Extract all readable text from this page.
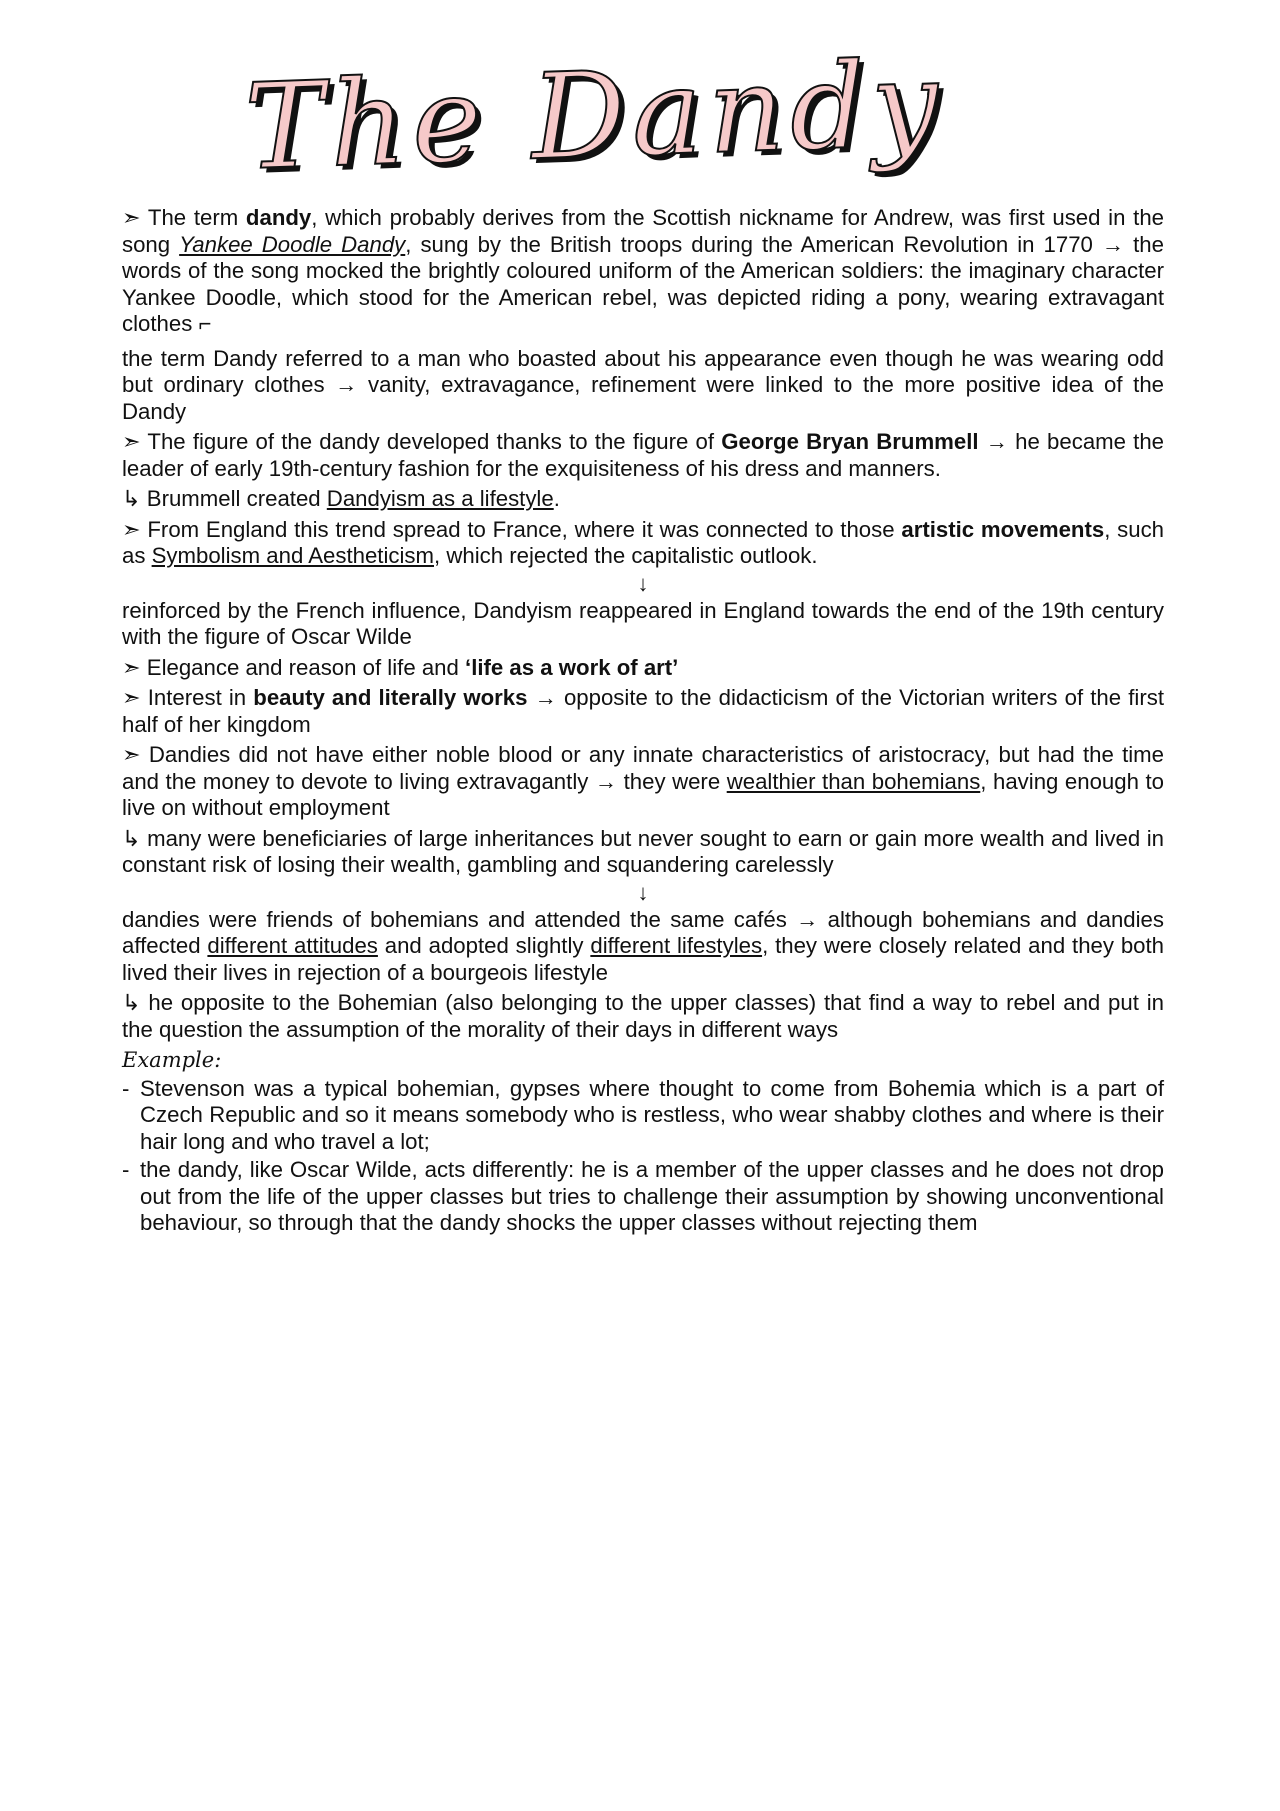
The Dandy

➣ The term dandy, which probably derives from the Scottish nickname for Andrew, was first used in the song Yankee Doodle Dandy, sung by the British troops during the American Revolution in 1770 → the words of the song mocked the brightly coloured uniform of the American soldiers: the imaginary character Yankee Doodle, which stood for the American rebel, was depicted riding a pony, wearing extravagant clothes ⌐

the term Dandy referred to a man who boasted about his appearance even though he was wearing odd but ordinary clothes → vanity, extravagance, refinement were linked to the more positive idea of the Dandy

➣ The figure of the dandy developed thanks to the figure of George Bryan Brummell → he became the leader of early 19th-century fashion for the exquisiteness of his dress and manners.

↳ Brummell created Dandyism as a lifestyle.

➣ From England this trend spread to France, where it was connected to those artistic movements, such as Symbolism and Aestheticism, which rejected the capitalistic outlook.

↓

reinforced by the French influence, Dandyism reappeared in England towards the end of the 19th century with the figure of Oscar Wilde

➣ Elegance and reason of life and ‘life as a work of art’

➣ Interest in beauty and literally works → opposite to the didacticism of the Victorian writers of the first half of her kingdom

➣ Dandies did not have either noble blood or any innate characteristics of aristocracy, but had the time and the money to devote to living extravagantly → they were wealthier than bohemians, having enough to live on without employment

↳ many were beneficiaries of large inheritances but never sought to earn or gain more wealth and lived in constant risk of losing their wealth, gambling and squandering carelessly

↓

dandies were friends of bohemians and attended the same cafés → although bohemians and dandies affected different attitudes and adopted slightly different lifestyles, they were closely related and they both lived their lives in rejection of a bourgeois lifestyle

↳ he opposite to the Bohemian (also belonging to the upper classes) that find a way to rebel and put in the question the assumption of the morality of their days in different ways

Example:
- Stevenson was a typical bohemian, gypses where thought to come from Bohemia which is a part of Czech Republic and so it means somebody who is restless, who wear shabby clothes and where is their hair long and who travel a lot;
- the dandy, like Oscar Wilde, acts differently: he is a member of the upper classes and he does not drop out from the life of the upper classes but tries to challenge their assumption by showing unconventional behaviour, so through that the dandy shocks the upper classes without rejecting them
